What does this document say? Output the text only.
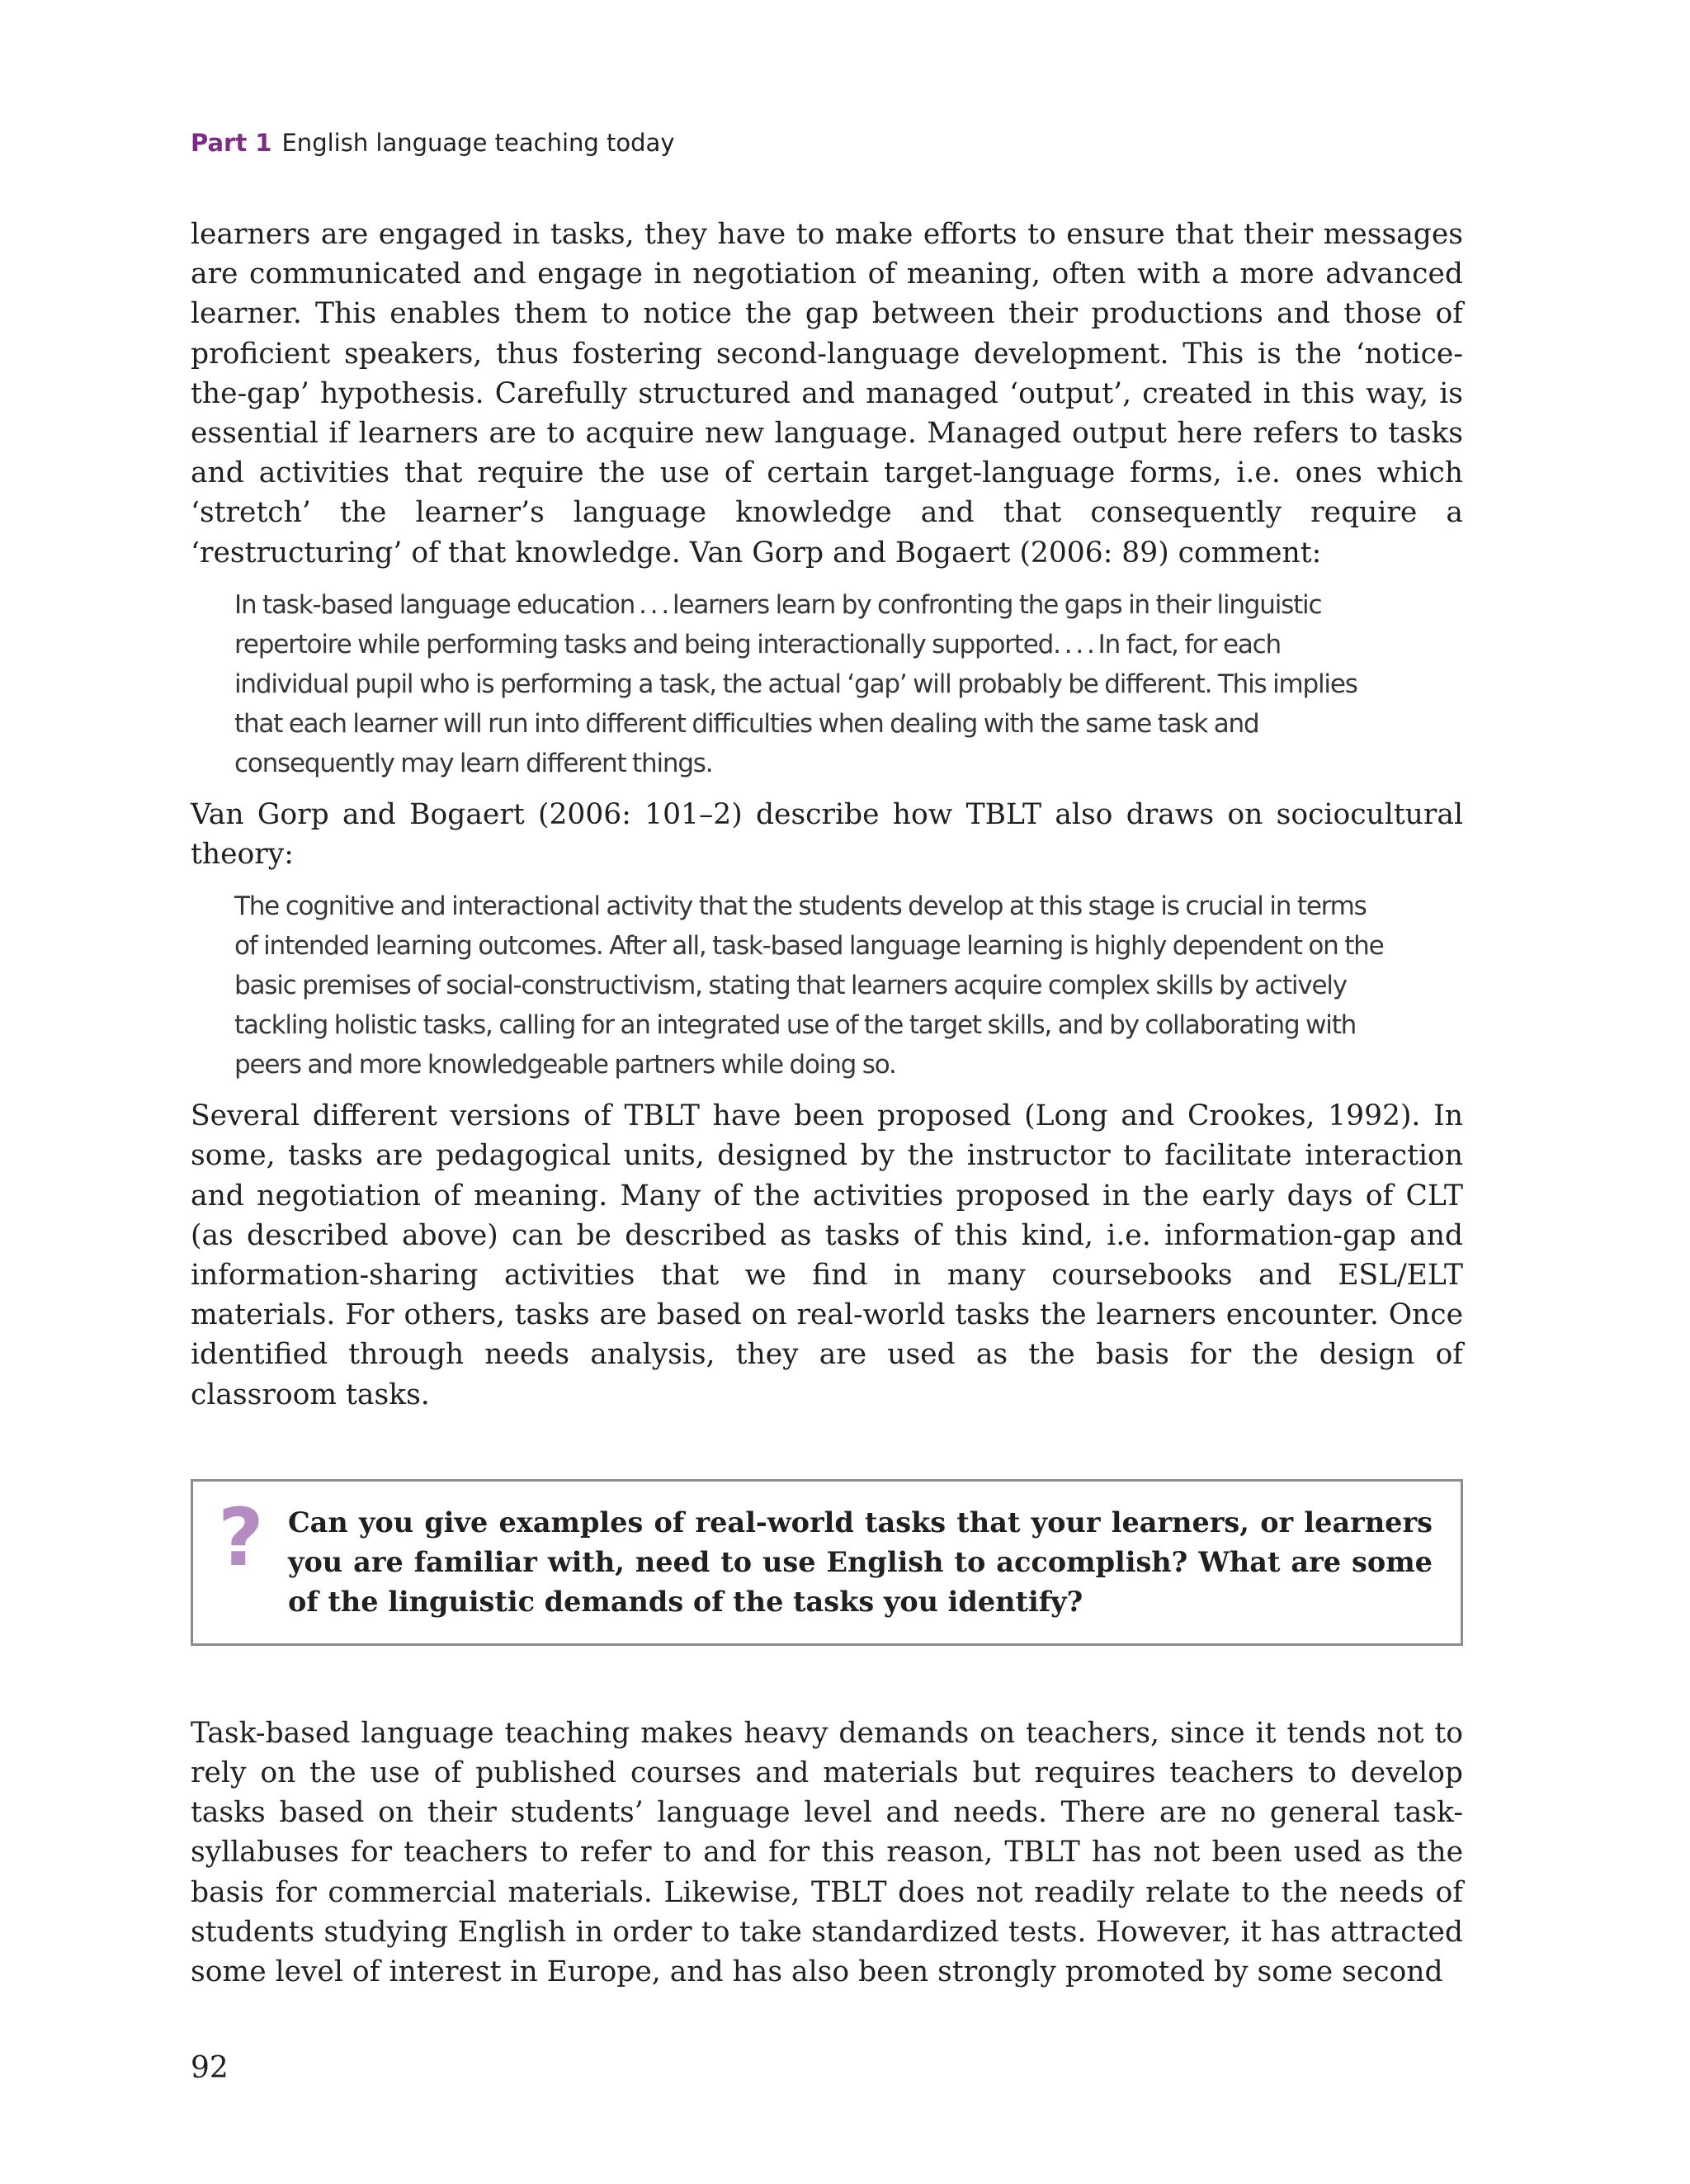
Part 1 English language teaching today

learners are engaged in tasks, they have to make efforts to ensure that their messages are communicated and engage in negotiation of meaning, often with a more advanced learner. This enables them to notice the gap between their productions and those of proficient speakers, thus fostering second-language development. This is the ‘notice-the-gap’ hypothesis. Carefully structured and managed ‘output’, created in this way, is essential if learners are to acquire new language. Managed output here refers to tasks and activities that require the use of certain target-language forms, i.e. ones which ‘stretch’ the learner’s language knowledge and that consequently require a ‘restructuring’ of that knowledge. Van Gorp and Bogaert (2006: 89) comment:

In task-based language education . . . learners learn by confronting the gaps in their linguistic repertoire while performing tasks and being interactionally supported. . . . In fact, for each individual pupil who is performing a task, the actual ‘gap’ will probably be different. This implies that each learner will run into different difficulties when dealing with the same task and consequently may learn different things.

Van Gorp and Bogaert (2006: 101–2) describe how TBLT also draws on sociocultural theory:

The cognitive and interactional activity that the students develop at this stage is crucial in terms of intended learning outcomes. After all, task-based language learning is highly dependent on the basic premises of social-constructivism, stating that learners acquire complex skills by actively tackling holistic tasks, calling for an integrated use of the target skills, and by collaborating with peers and more knowledgeable partners while doing so.

Several different versions of TBLT have been proposed (Long and Crookes, 1992). In some, tasks are pedagogical units, designed by the instructor to facilitate interaction and negotiation of meaning. Many of the activities proposed in the early days of CLT (as described above) can be described as tasks of this kind, i.e. information-gap and information-sharing activities that we find in many coursebooks and ESL/ELT materials. For others, tasks are based on real-world tasks the learners encounter. Once identified through needs analysis, they are used as the basis for the design of classroom tasks.

? Can you give examples of real-world tasks that your learners, or learners you are familiar with, need to use English to accomplish? What are some of the linguistic demands of the tasks you identify?

Task-based language teaching makes heavy demands on teachers, since it tends not to rely on the use of published courses and materials but requires teachers to develop tasks based on their students’ language level and needs. There are no general task-syllabuses for teachers to refer to and for this reason, TBLT has not been used as the basis for commercial materials. Likewise, TBLT does not readily relate to the needs of students studying English in order to take standardized tests. However, it has attracted some level of interest in Europe, and has also been strongly promoted by some second

92
